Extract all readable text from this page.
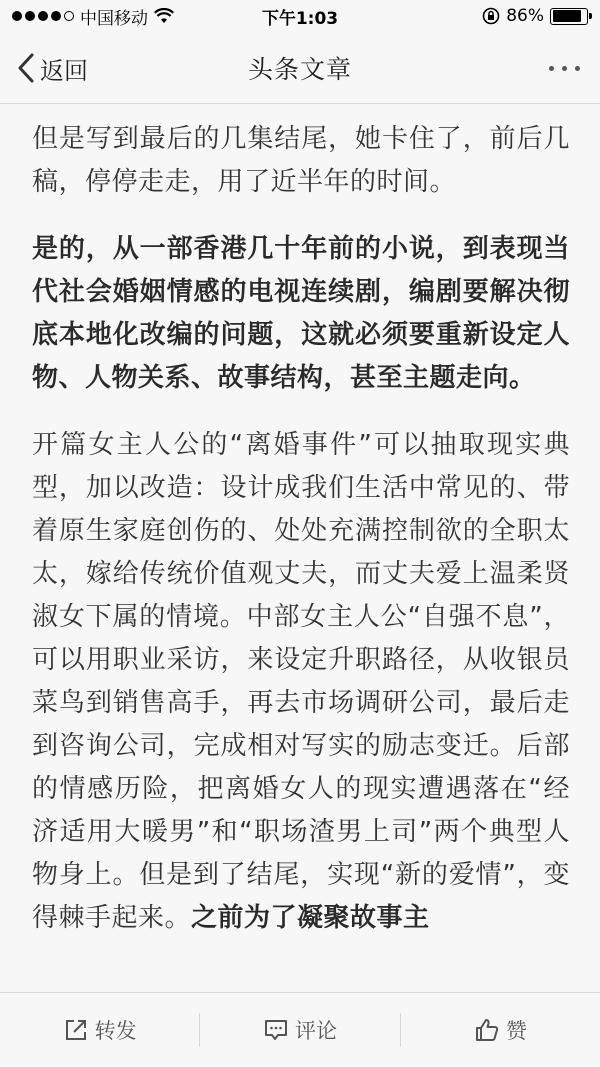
中国移动	下午1:03	86%
返回	头条文章

但是写到最后的几集结尾，她卡住了，前后几稿，停停走走，用了近半年的时间。

是的，从一部香港几十年前的小说，到表现当代社会婚姻情感的电视连续剧，编剧要解决彻底本地化改编的问题，这就必须要重新设定人物、人物关系、故事结构，甚至主题走向。

开篇女主人公的“离婚事件”可以抽取现实典型，加以改造：设计成我们生活中常见的、带着原生家庭创伤的、处处充满控制欲的全职太太，嫁给传统价值观丈夫，而丈夫爱上温柔贤淑女下属的情境。中部女主人公“自强不息”，可以用职业采访，来设定升职路径，从收银员菜鸟到销售高手，再去市场调研公司，最后走到咨询公司，完成相对写实的励志变迁。后部的情感历险，把离婚女人的现实遭遇落在“经济适用大暖男”和“职场渣男上司”两个典型人物身上。但是到了结尾，实现“新的爱情”，变得棘手起来。之前为了凝聚故事主

转发	评论	赞
